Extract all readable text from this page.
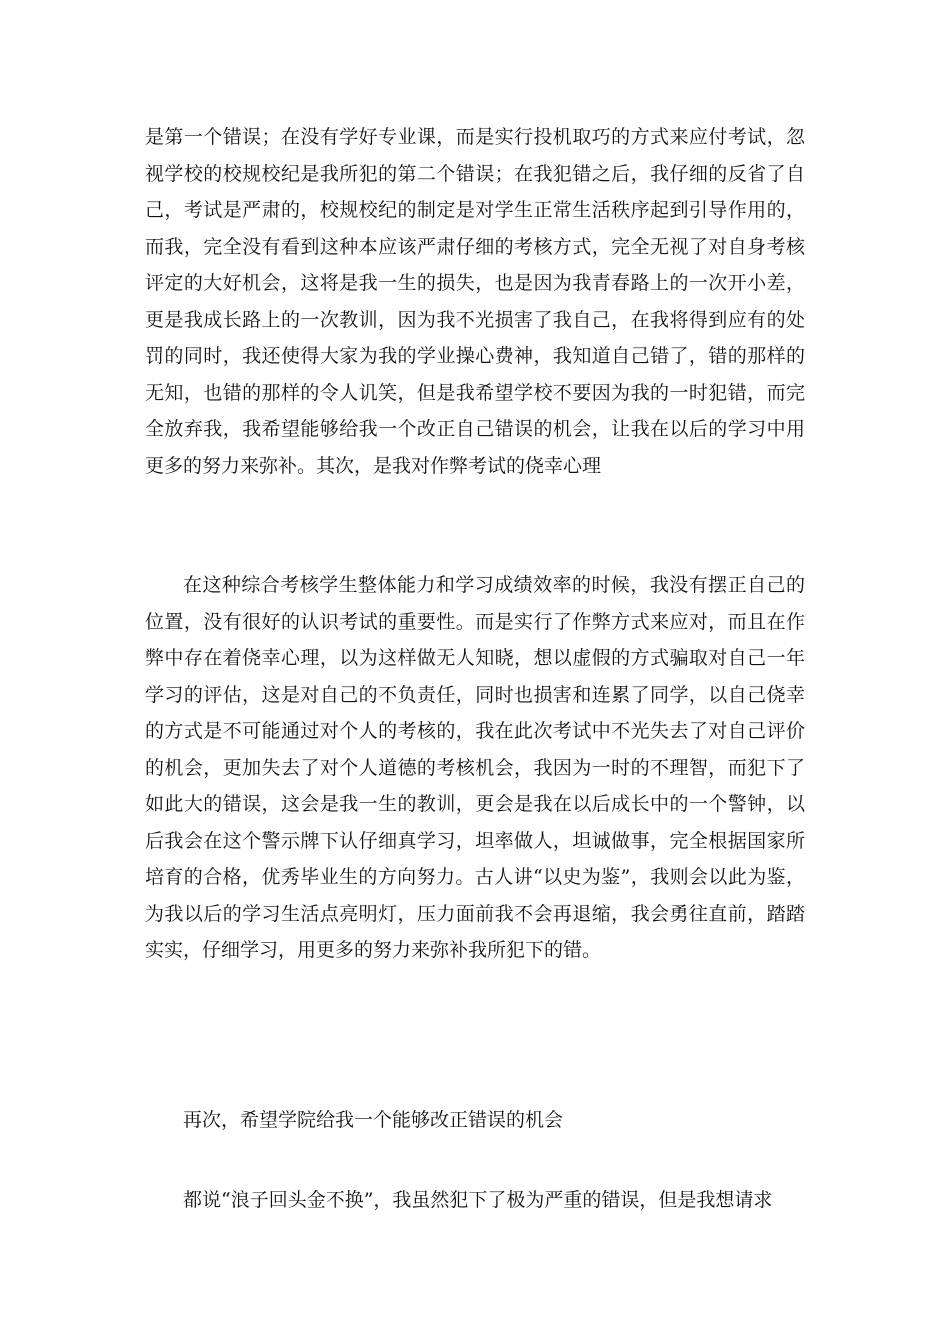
是第一个错误；在没有学好专业课，而是实行投机取巧的方式来应付考试，忽视学校的校规校纪是我所犯的第二个错误；在我犯错之后，我仔细的反省了自己，考试是严肃的，校规校纪的制定是对学生正常生活秩序起到引导作用的，而我，完全没有看到这种本应该严肃仔细的考核方式，完全无视了对自身考核评定的大好机会，这将是我一生的损失，也是因为我青春路上的一次开小差，更是我成长路上的一次教训，因为我不光损害了我自己，在我将得到应有的处罚的同时，我还使得大家为我的学业操心费神，我知道自己错了，错的那样的无知，也错的那样的令人讥笑，但是我希望学校不要因为我的一时犯错，而完全放弃我，我希望能够给我一个改正自己错误的机会，让我在以后的学习中用更多的努力来弥补。其次，是我对作弊考试的侥幸心理

在这种综合考核学生整体能力和学习成绩效率的时候，我没有摆正自己的位置，没有很好的认识考试的重要性。而是实行了作弊方式来应对，而且在作弊中存在着侥幸心理，以为这样做无人知晓，想以虚假的方式骗取对自己一年学习的评估，这是对自己的不负责任，同时也损害和连累了同学，以自己侥幸的方式是不可能通过对个人的考核的，我在此次考试中不光失去了对自己评价的机会，更加失去了对个人道德的考核机会，我因为一时的不理智，而犯下了如此大的错误，这会是我一生的教训，更会是我在以后成长中的一个警钟，以后我会在这个警示牌下认仔细真学习，坦率做人，坦诚做事，完全根据国家所培育的合格，优秀毕业生的方向努力。古人讲“以史为鉴”，我则会以此为鉴，为我以后的学习生活点亮明灯，压力面前我不会再退缩，我会勇往直前，踏踏实实，仔细学习，用更多的努力来弥补我所犯下的错。

再次，希望学院给我一个能够改正错误的机会

都说“浪子回头金不换”，我虽然犯下了极为严重的错误，但是我想请求
